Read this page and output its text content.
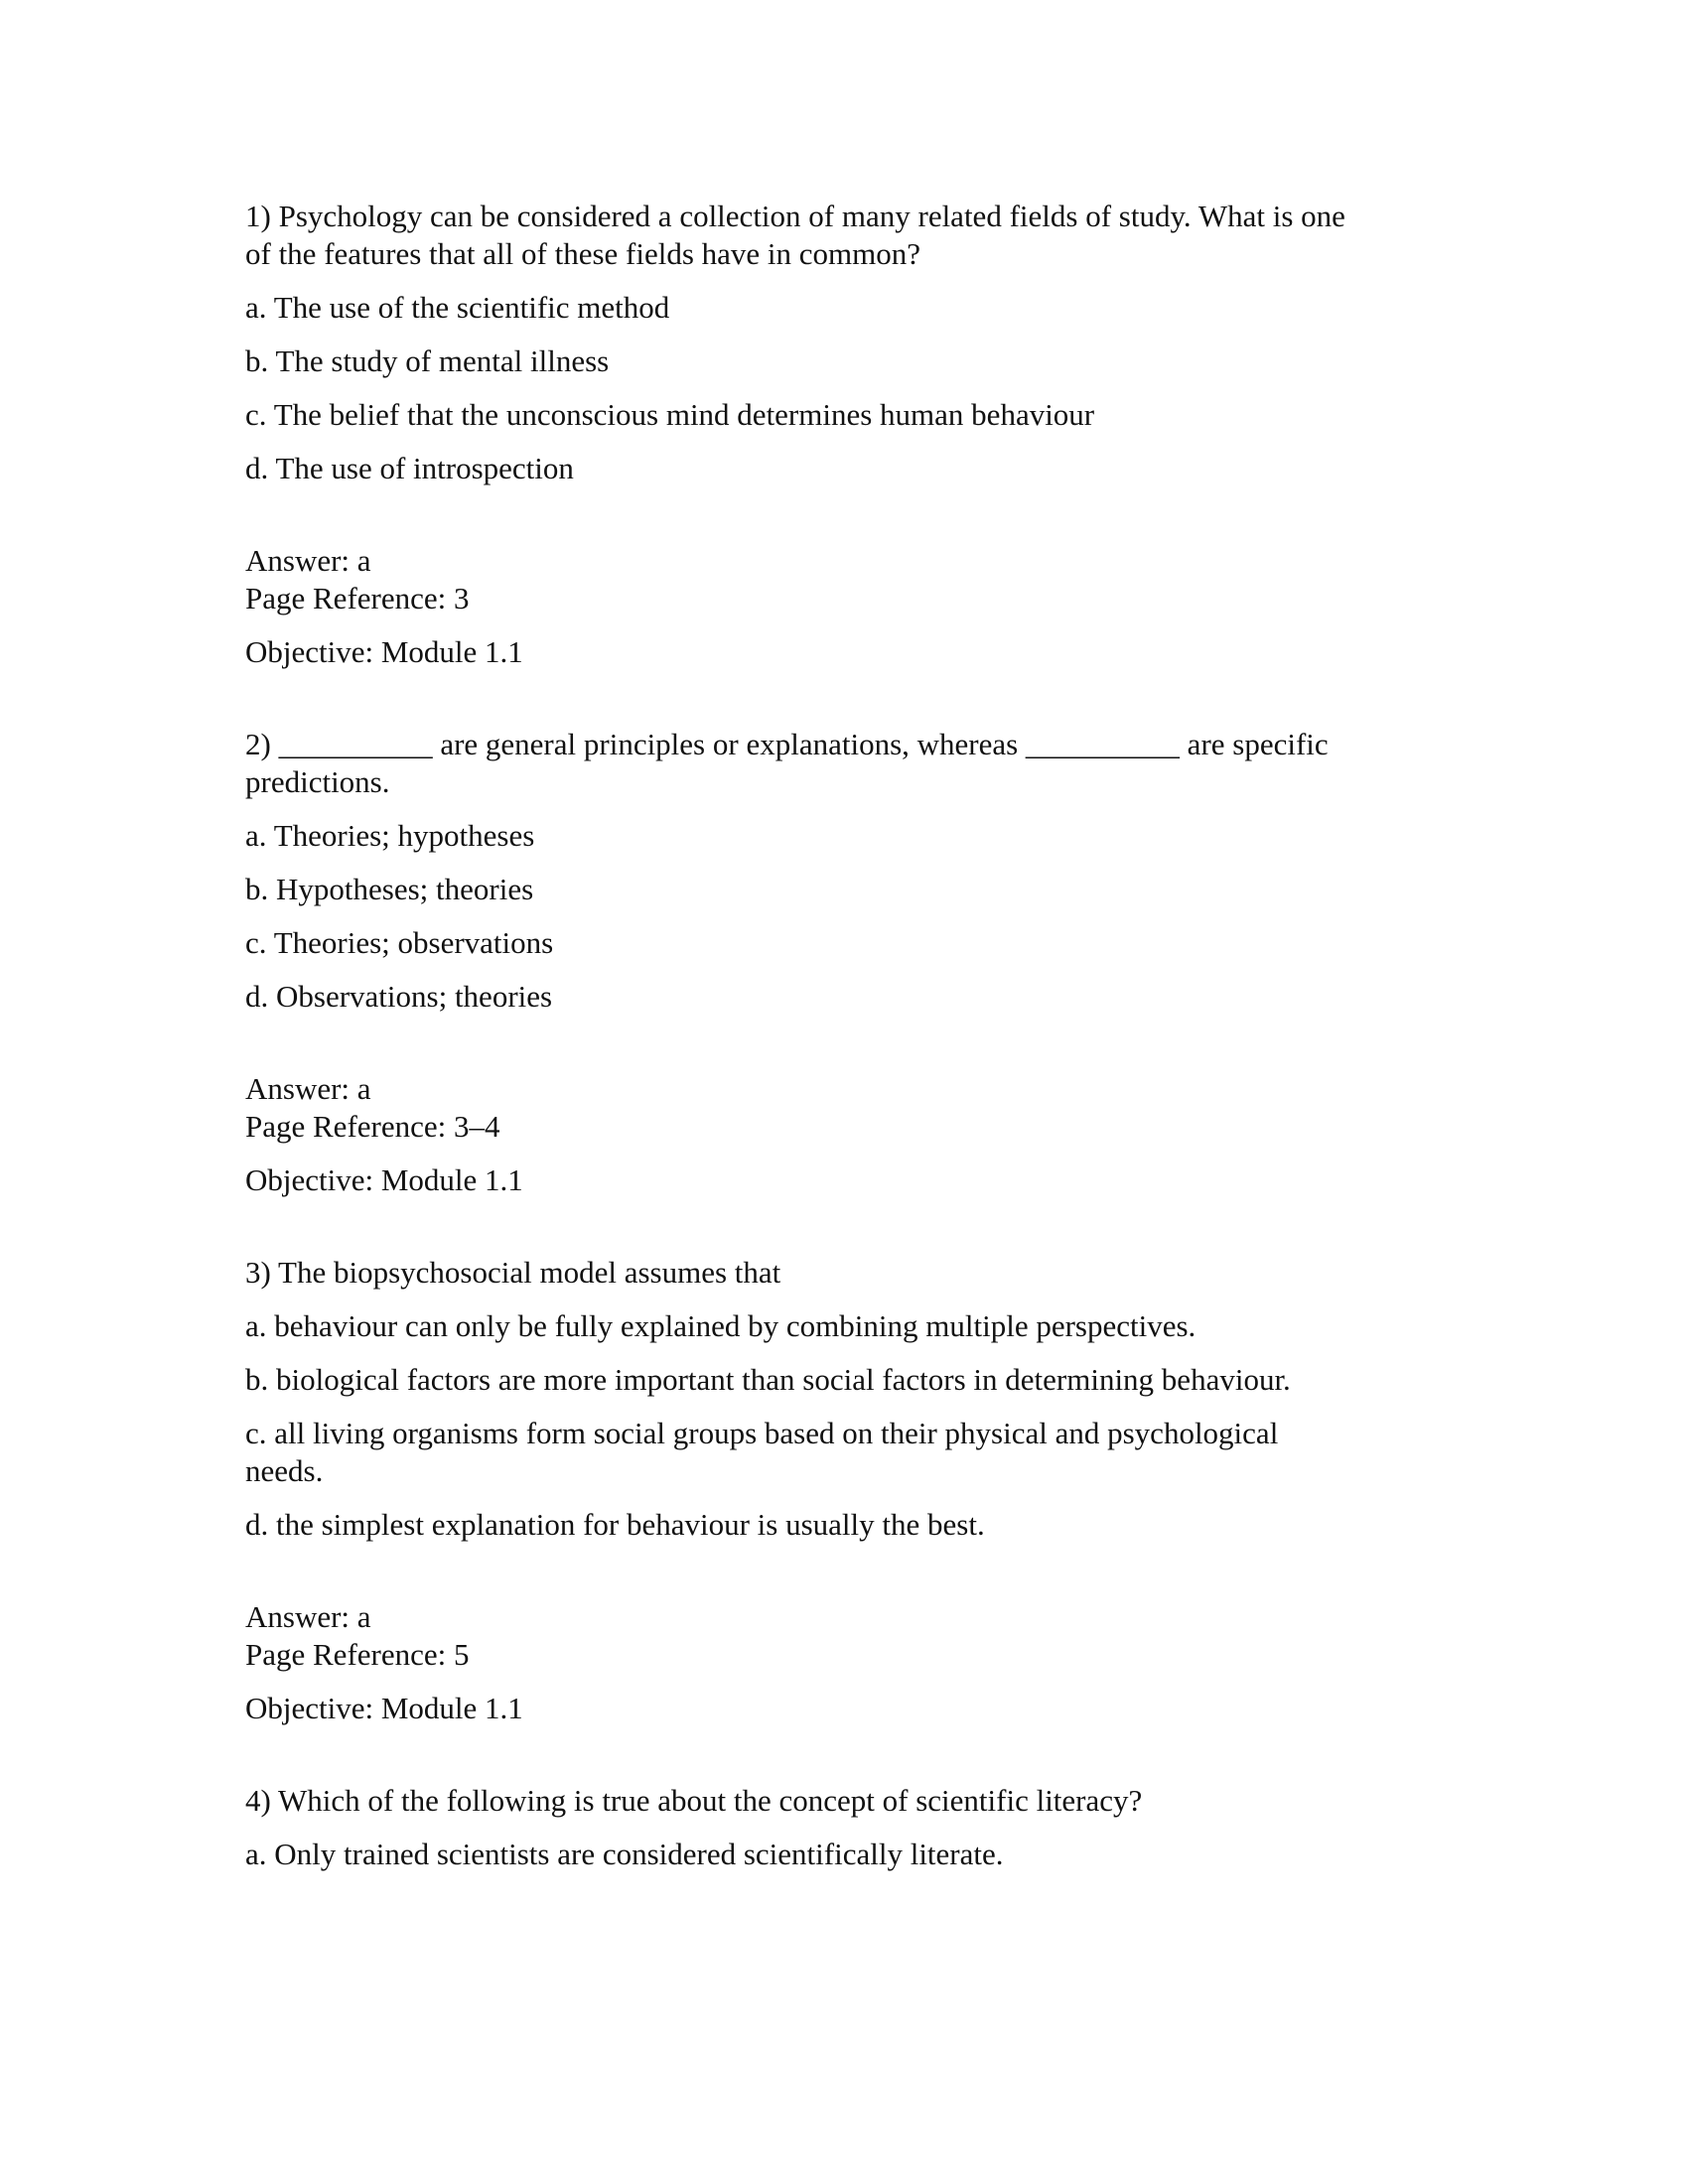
1) Psychology can be considered a collection of many related fields of study. What is one
of the features that all of these fields have in common?
a. The use of the scientific method
b. The study of mental illness
c. The belief that the unconscious mind determines human behaviour
d. The use of introspection
Answer: a
Page Reference: 3
Objective: Module 1.1
2) __________ are general principles or explanations, whereas __________ are specific
predictions.
a. Theories; hypotheses
b. Hypotheses; theories
c. Theories; observations
d. Observations; theories
Answer: a
Page Reference: 3–4
Objective: Module 1.1
3) The biopsychosocial model assumes that
a. behaviour can only be fully explained by combining multiple perspectives.
b. biological factors are more important than social factors in determining behaviour.
c. all living organisms form social groups based on their physical and psychological
needs.
d. the simplest explanation for behaviour is usually the best.
Answer: a
Page Reference: 5
Objective: Module 1.1
4) Which of the following is true about the concept of scientific literacy?
a. Only trained scientists are considered scientifically literate.
